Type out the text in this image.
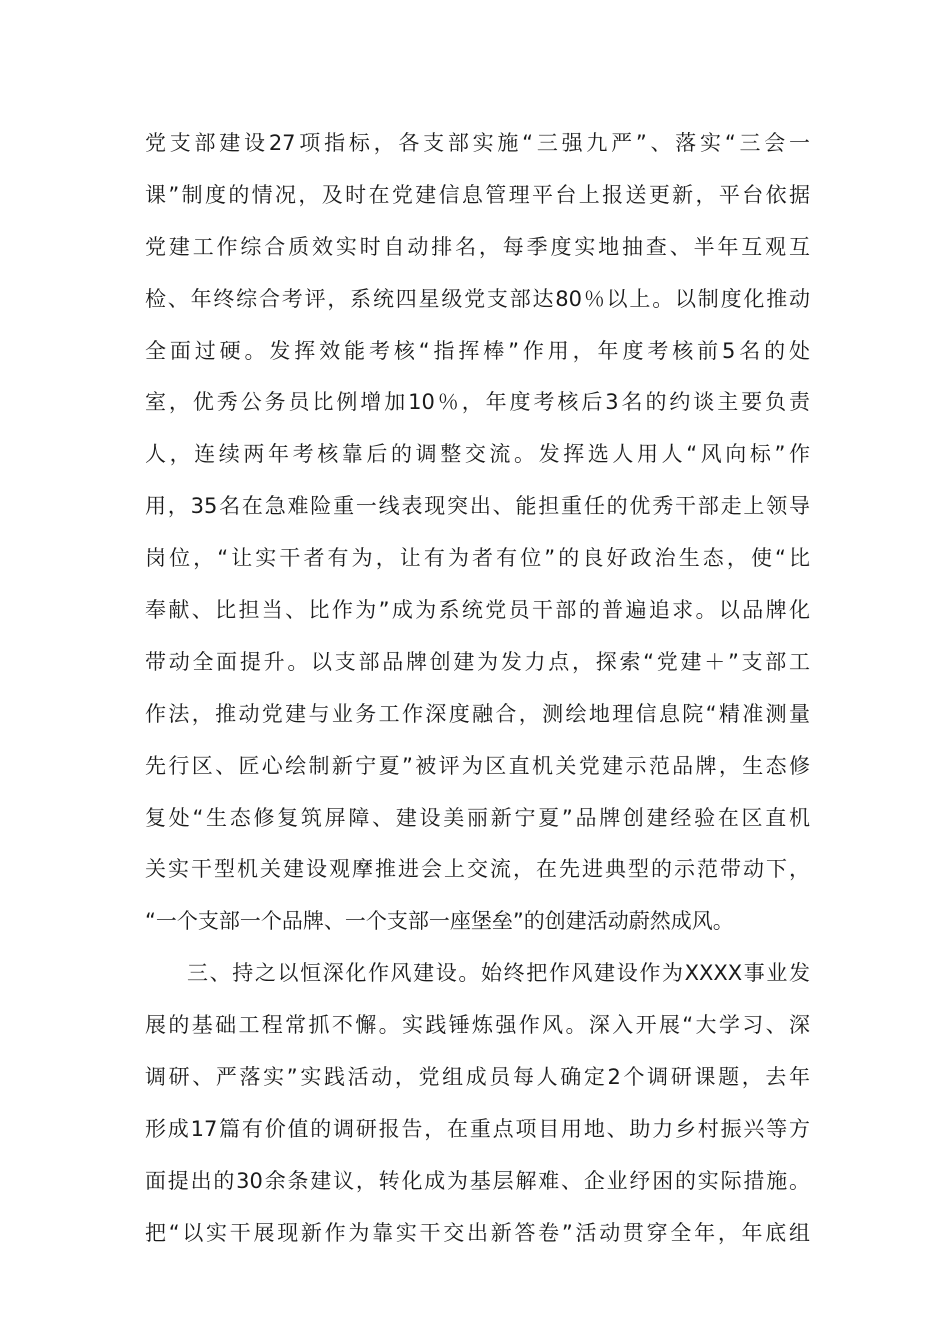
党支部建设27项指标，各支部实施“三强九严”、落实“三会一
课”制度的情况，及时在党建信息管理平台上报送更新，平台依据
党建工作综合质效实时自动排名，每季度实地抽查、半年互观互
检、年终综合考评，系统四星级党支部达80％以上。以制度化推动
全面过硬。发挥效能考核“指挥棒”作用，年度考核前5名的处
室，优秀公务员比例增加10％，年度考核后3名的约谈主要负责
人，连续两年考核靠后的调整交流。发挥选人用人“风向标”作
用，35名在急难险重一线表现突出、能担重任的优秀干部走上领导
岗位，“让实干者有为，让有为者有位”的良好政治生态，使“比
奉献、比担当、比作为”成为系统党员干部的普遍追求。以品牌化
带动全面提升。以支部品牌创建为发力点，探索“党建＋”支部工
作法，推动党建与业务工作深度融合，测绘地理信息院“精准测量
先行区、匠心绘制新宁夏”被评为区直机关党建示范品牌，生态修
复处“生态修复筑屏障、建设美丽新宁夏”品牌创建经验在区直机
关实干型机关建设观摩推进会上交流，在先进典型的示范带动下，
“一个支部一个品牌、一个支部一座堡垒”的创建活动蔚然成风。
三、持之以恒深化作风建设。始终把作风建设作为XXXX事业发
展的基础工程常抓不懈。实践锤炼强作风。深入开展“大学习、深
调研、严落实”实践活动，党组成员每人确定2个调研课题，去年
形成17篇有价值的调研报告，在重点项目用地、助力乡村振兴等方
面提出的30余条建议，转化成为基层解难、企业纾困的实际措施。
把“以实干展现新作为靠实干交出新答卷”活动贯穿全年，年底组
